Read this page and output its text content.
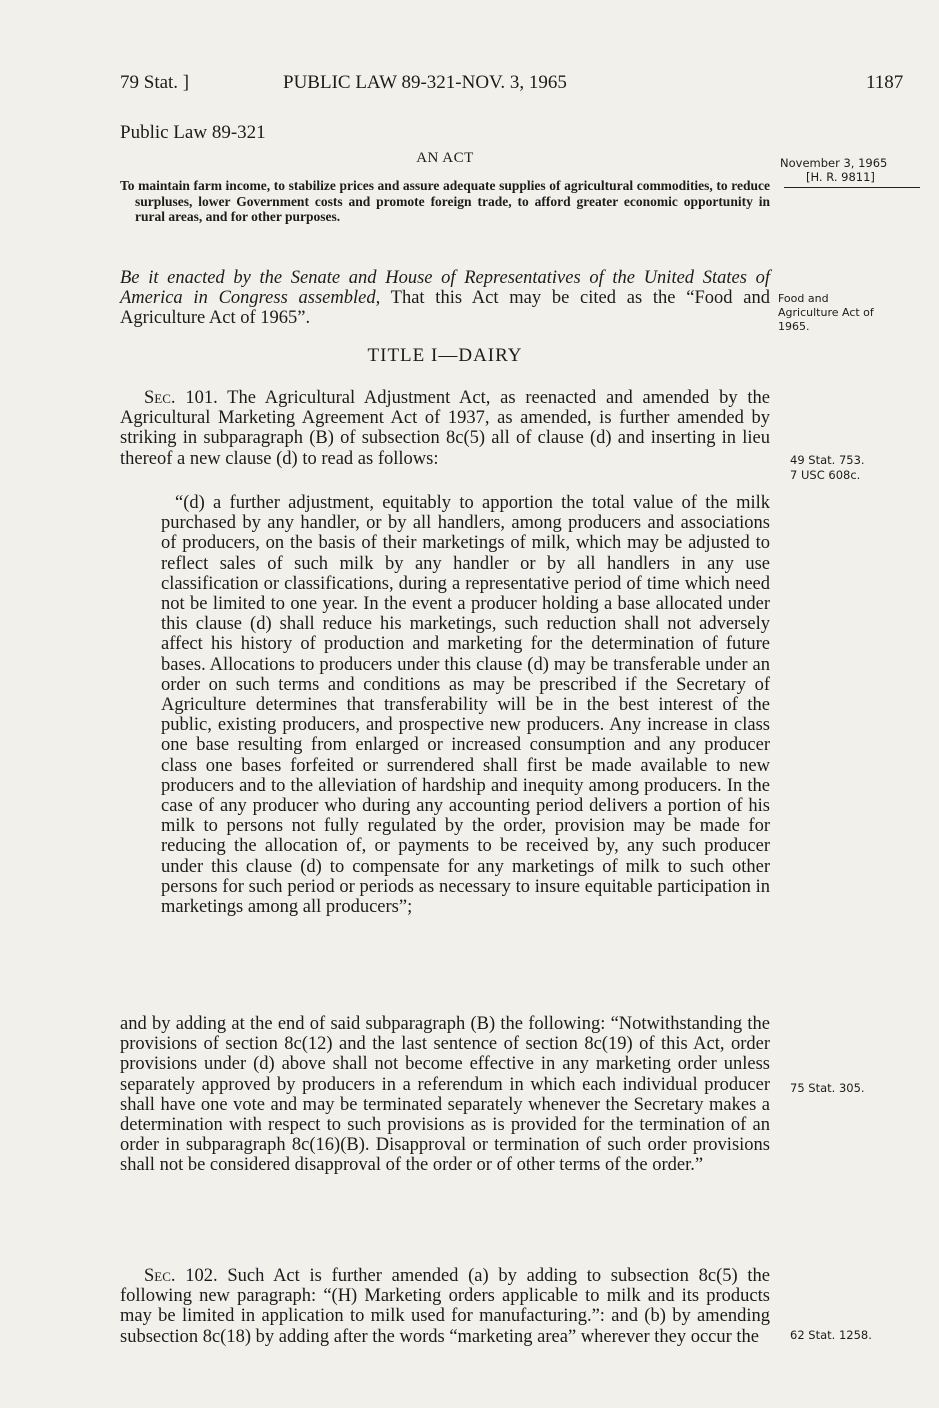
79 Stat. ]	PUBLIC LAW 89-321-NOV. 3, 1965	1187
Public Law 89-321
AN ACT
To maintain farm income, to stabilize prices and assure adequate supplies of agricultural commodities, to reduce surpluses, lower Government costs and promote foreign trade, to afford greater economic opportunity in rural areas, and for other purposes.

Be it enacted by the Senate and House of Representatives of the United States of America in Congress assembled, That this Act may be cited as the “Food and Agriculture Act of 1965”.

TITLE I—DAIRY

Sec. 101. The Agricultural Adjustment Act, as reenacted and amended by the Agricultural Marketing Agreement Act of 1937, as amended, is further amended by striking in subparagraph (B) of subsection 8c(5) all of clause (d) and inserting in lieu thereof a new clause (d) to read as follows:

“(d) a further adjustment, equitably to apportion the total value of the milk purchased by any handler, or by all handlers, among producers and associations of producers, on the basis of their marketings of milk, which may be adjusted to reflect sales of such milk by any handler or by all handlers in any use classification or classifications, during a representative period of time which need not be limited to one year. In the event a producer holding a base allocated under this clause (d) shall reduce his marketings, such reduction shall not adversely affect his history of production and marketing for the determination of future bases. Allocations to producers under this clause (d) may be transferable under an order on such terms and conditions as may be prescribed if the Secretary of Agriculture determines that transferability will be in the best interest of the public, existing producers, and prospective new producers. Any increase in class one base resulting from enlarged or increased consumption and any producer class one bases forfeited or surrendered shall first be made available to new producers and to the alleviation of hardship and inequity among producers. In the case of any producer who during any accounting period delivers a portion of his milk to persons not fully regulated by the order, provision may be made for reducing the allocation of, or payments to be received by, any such producer under this clause (d) to compensate for any marketings of milk to such other persons for such period or periods as necessary to insure equitable participation in marketings among all producers”;

and by adding at the end of said subparagraph (B) the following: “Notwithstanding the provisions of section 8c(12) and the last sentence of section 8c(19) of this Act, order provisions under (d) above shall not become effective in any marketing order unless separately approved by producers in a referendum in which each individual producer shall have one vote and may be terminated separately whenever the Secretary makes a determination with respect to such provisions as is provided for the termination of an order in subparagraph 8c(16)(B). Disapproval or termination of such order provisions shall not be considered disapproval of the order or of other terms of the order.”

Sec. 102. Such Act is further amended (a) by adding to subsection 8c(5) the following new paragraph: “(H) Marketing orders applicable to milk and its products may be limited in application to milk used for manufacturing.”: and (b) by amending subsection 8c(18) by adding after the words “marketing area” wherever they occur the

November 3, 1965
[H. R. 9811]
Food and Agriculture Act of 1965.
49 Stat. 753.
7 USC 608c.
75 Stat. 305.
62 Stat. 1258.
